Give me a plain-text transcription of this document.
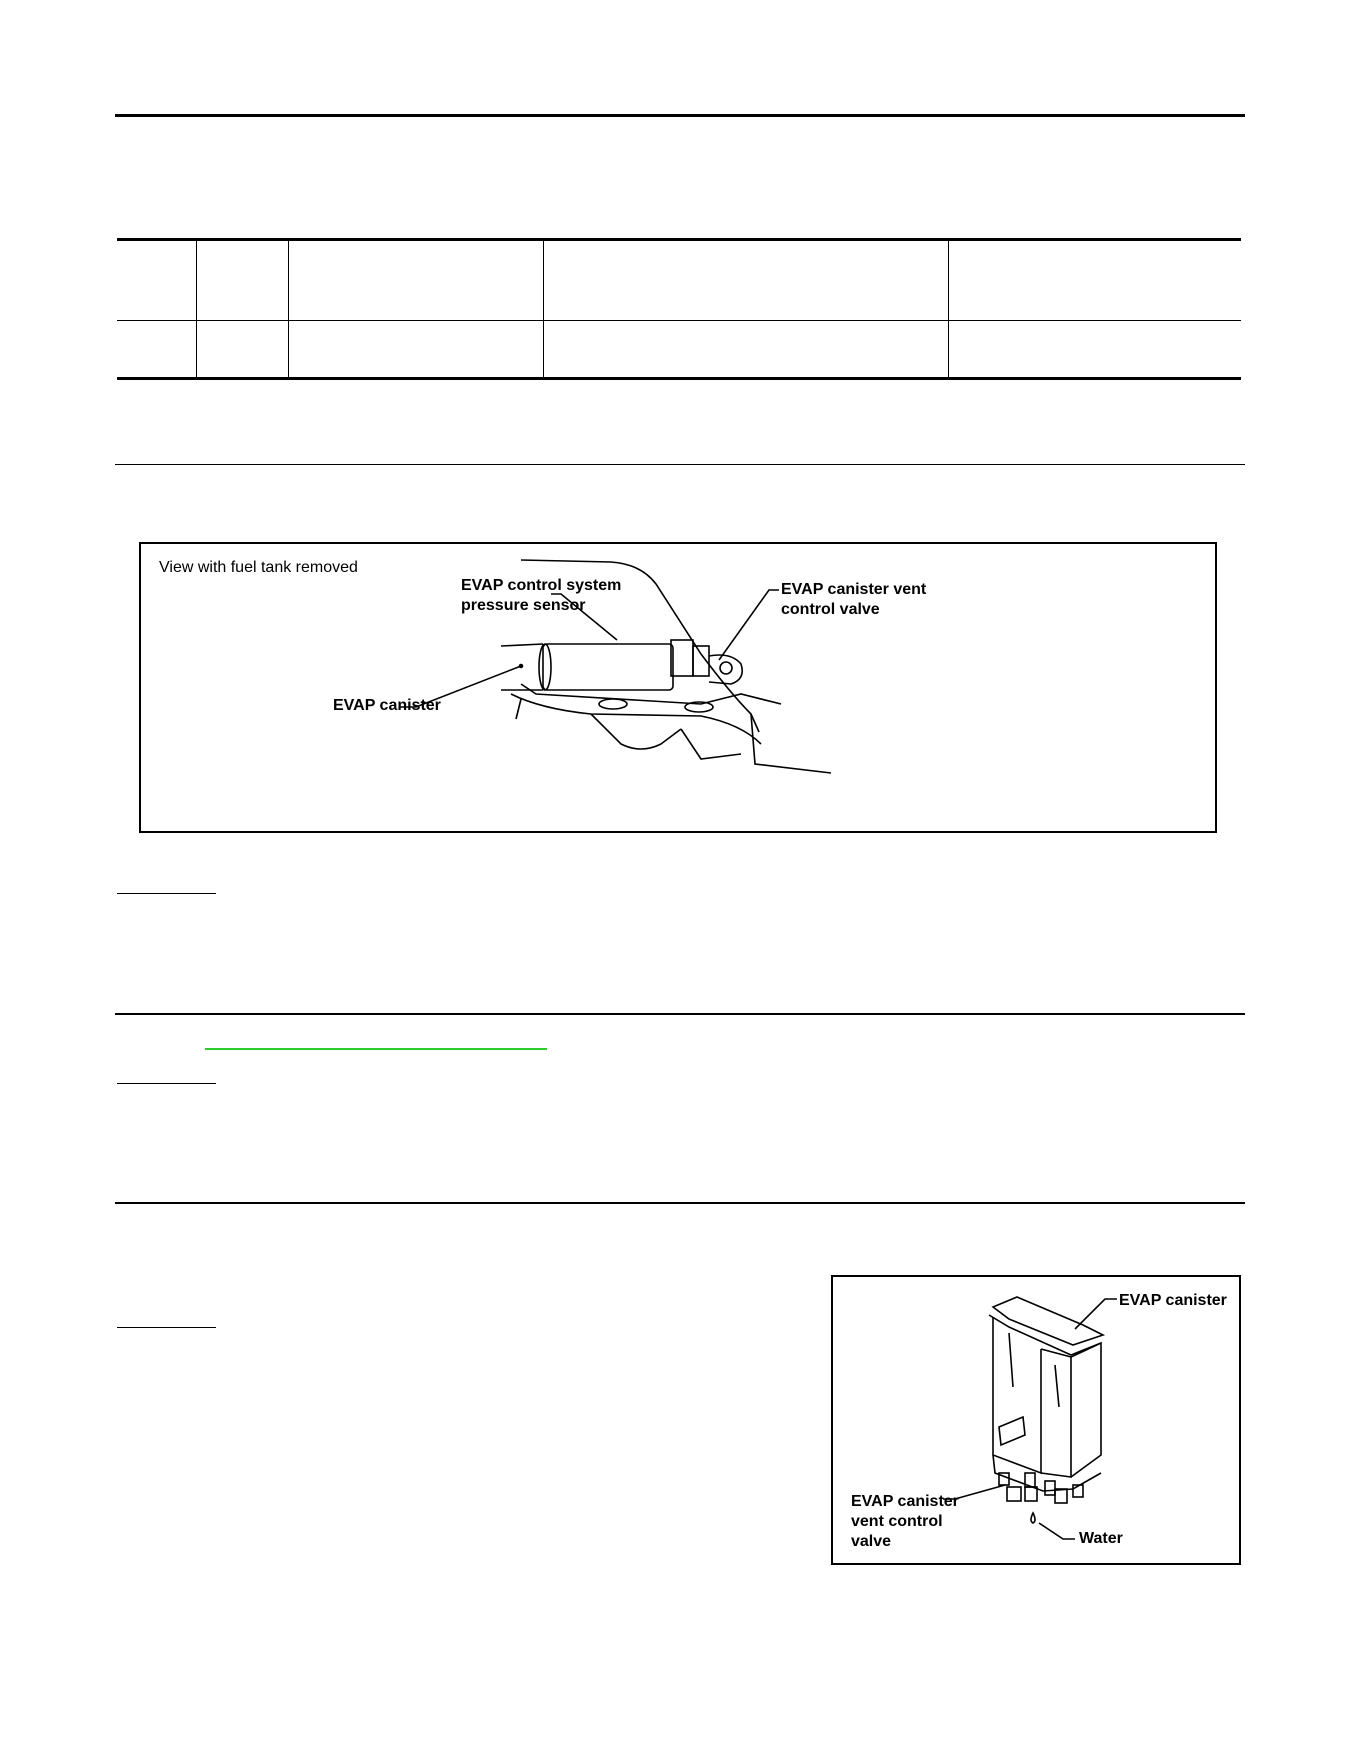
View with fuel tank removed
EVAP control system
pressure sensor
EVAP canister vent
control valve
EVAP canister
EVAP canister
EVAP canister
vent control
valve	Water
